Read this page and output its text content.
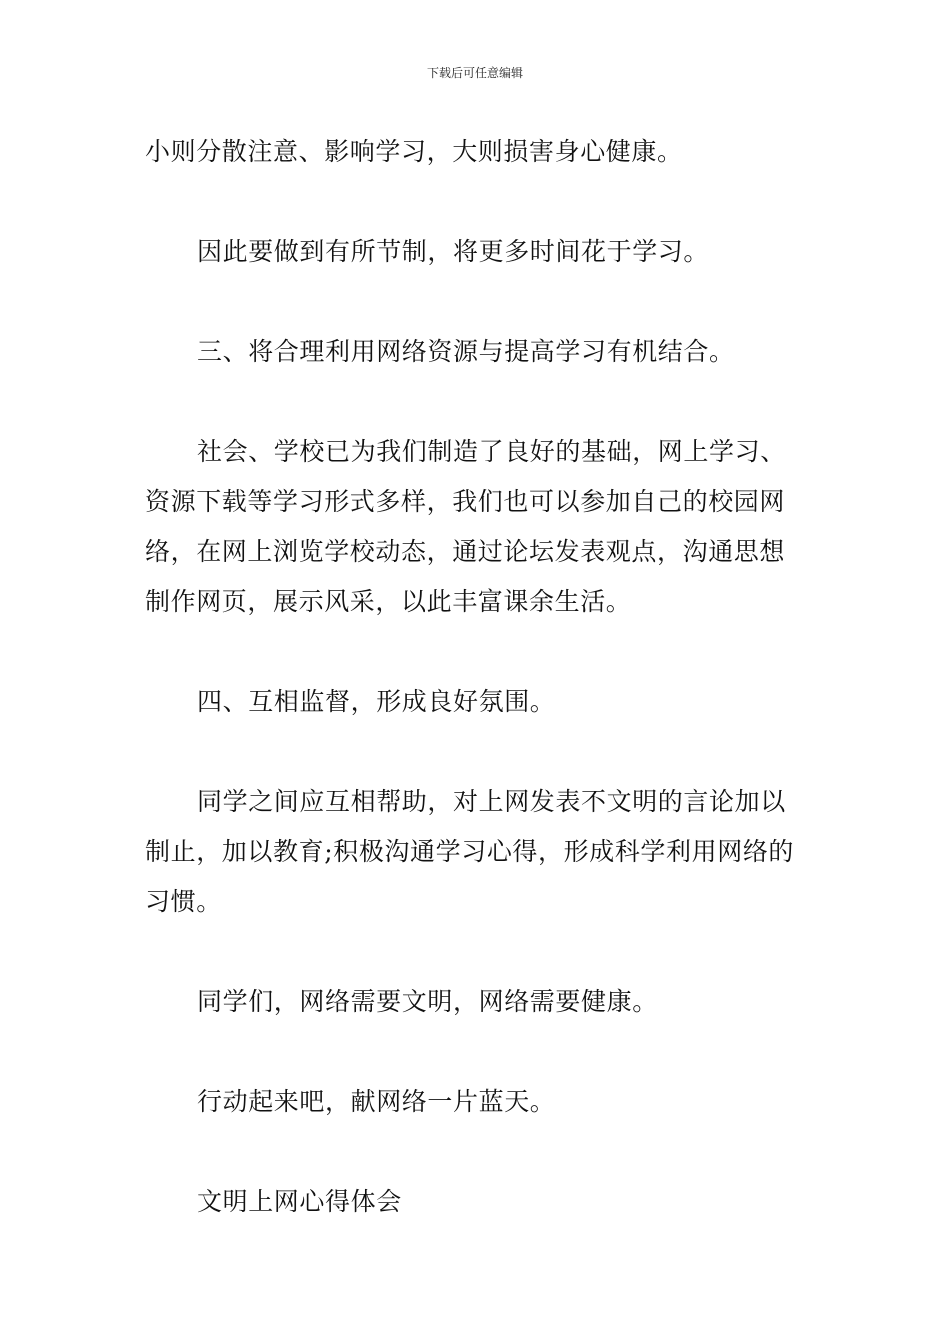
下载后可任意编辑

小则分散注意、影响学习，大则损害身心健康。

因此要做到有所节制，将更多时间花于学习。

三、将合理利用网络资源与提高学习有机结合。

社会、学校已为我们制造了良好的基础，网上学习、资源下载等学习形式多样，我们也可以参加自己的校园网络，在网上浏览学校动态，通过论坛发表观点，沟通思想制作网页，展示风采，以此丰富课余生活。

四、互相监督，形成良好氛围。

同学之间应互相帮助，对上网发表不文明的言论加以制止，加以教育;积极沟通学习心得，形成科学利用网络的习惯。

同学们，网络需要文明，网络需要健康。

行动起来吧，献网络一片蓝天。

文明上网心得体会
